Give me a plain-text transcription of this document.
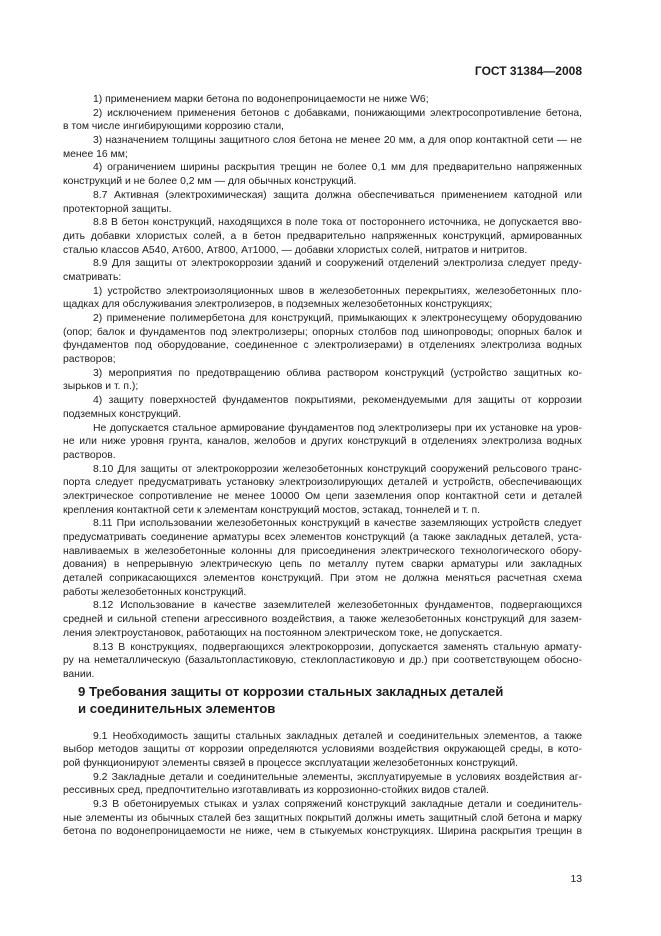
ГОСТ 31384—2008
1) применением марки бетона по водонепроницаемости не ниже W6;
2) исключением применения бетонов с добавками, понижающими электросопротивление бетона,
в том числе ингибирующими коррозию стали,
3) назначением толщины защитного слоя бетона не менее 20 мм, а для опор контактной сети — не
менее 16 мм;
4) ограничением ширины раскрытия трещин не более 0,1 мм для предварительно напряженных
конструкций и не более 0,2 мм — для обычных конструкций.
8.7 Активная (электрохимическая) защита должна обеспечиваться применением катодной или
протекторной защиты.
8.8 В бетон конструкций, находящихся в поле тока от постороннего источника, не допускается вво-
дить добавки хлористых солей, а в бетон предварительно напряженных конструкций, армированных
сталью классов А540, Ат600, Ат800, Ат1000, — добавки хлористых солей, нитратов и нитритов.
8.9 Для защиты от электрокоррозии зданий и сооружений отделений электролиза следует преду-
сматривать:
1) устройство электроизоляционных швов в железобетонных перекрытиях, железобетонных пло-
щадках для обслуживания электролизеров, в подземных железобетонных конструкциях;
2) применение полимербетона для конструкций, примыкающих к электронесущему оборудованию
(опор; балок и фундаментов под электролизеры; опорных столбов под шинопроводы; опорных балок и
фундаментов под оборудование, соединенное с электролизерами) в отделениях электролиза водных
растворов;
3) мероприятия по предотвращению облива раствором конструкций (устройство защитных ко-
зырьков и т. п.);
4) защиту поверхностей фундаментов покрытиями, рекомендуемыми для защиты от коррозии
подземных конструкций.
Не допускается стальное армирование фундаментов под электролизеры при их установке на уров-
не или ниже уровня грунта, каналов, желобов и других конструкций в отделениях электролиза водных
растворов.
8.10 Для защиты от электрокоррозии железобетонных конструкций сооружений рельсового транс-
порта следует предусматривать установку электроизолирующих деталей и устройств, обеспечивающих
электрическое сопротивление не менее 10000 Ом цепи заземления опор контактной сети и деталей
крепления контактной сети к элементам конструкций мостов, эстакад, тоннелей и т. п.
8.11 При использовании железобетонных конструкций в качестве заземляющих устройств следует
предусматривать соединение арматуры всех элементов конструкций (а также закладных деталей, уста-
навливаемых в железобетонные колонны для присоединения электрического технологического обору-
дования) в непрерывную электрическую цепь по металлу путем сварки арматуры или закладных
деталей соприкасающихся элементов конструкций. При этом не должна меняться расчетная схема
работы железобетонных конструкций.
8.12 Использование в качестве заземлителей железобетонных фундаментов, подвергающихся
средней и сильной степени агрессивного воздействия, а также железобетонных конструкций для зазем-
ления электроустановок, работающих на постоянном электрическом токе, не допускается.
8.13 В конструкциях, подвергающихся электрокоррозии, допускается заменять стальную армату-
ру на неметаллическую (базальтопластиковую, стеклопластиковую и др.) при соответствующем обосно-
вании.
9 Требования защиты от коррозии стальных закладных деталей
и соединительных элементов
9.1 Необходимость защиты стальных закладных деталей и соединительных элементов, а также
выбор методов защиты от коррозии определяются условиями воздействия окружающей среды, в кото-
рой функционируют элементы связей в процессе эксплуатации железобетонных конструкций.
9.2 Закладные детали и соединительные элементы, эксплуатируемые в условиях воздействия аг-
рессивных сред, предпочтительно изготавливать из коррозионно-стойких видов сталей.
9.3 В обетонируемых стыках и узлах сопряжений конструкций закладные детали и соединитель-
ные элементы из обычных сталей без защитных покрытий должны иметь защитный слой бетона и марку
бетона по водонепроницаемости не ниже, чем в стыкуемых конструкциях. Ширина раскрытия трещин в
13
